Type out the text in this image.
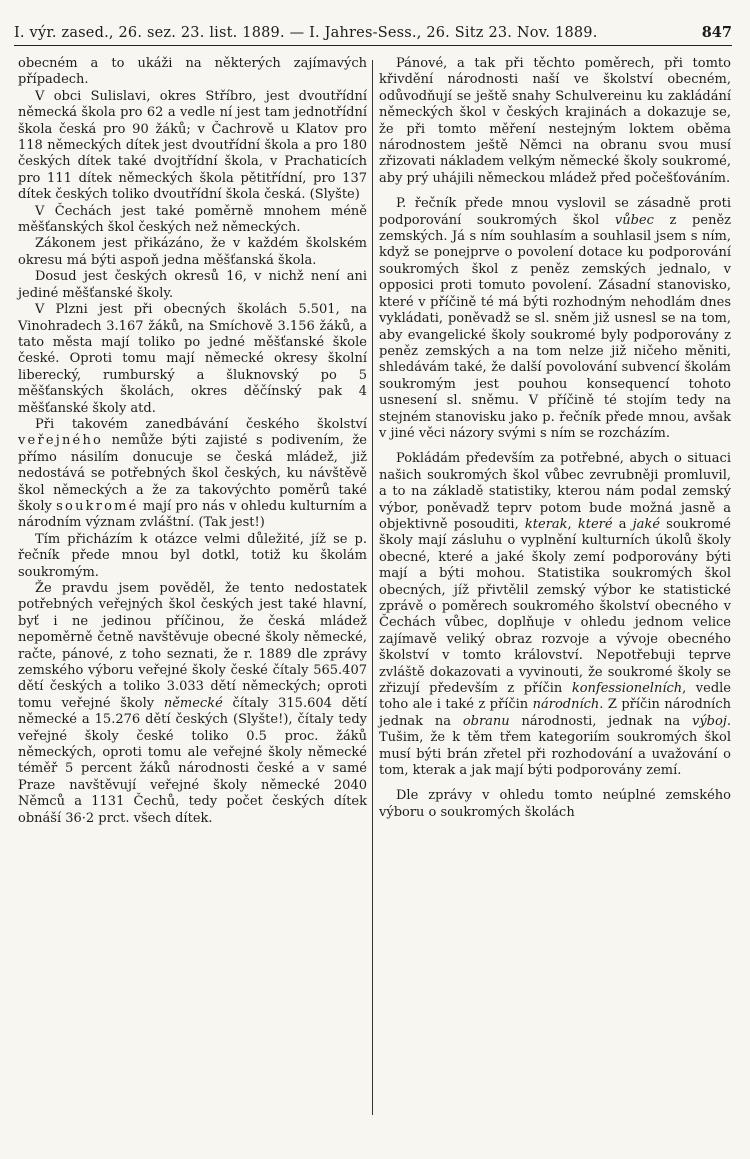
I. výr. zased., 26. sez. 23. list. 1889. — I. Jahres-Sess., 26. Sitz 23. Nov. 1889.	847

obecném a to ukáži na některých zajímavých případech.

V obci Sulislavi, okres Stříbro, jest dvoutřídní německá škola pro 62 a vedle ní jest tam jednotřídní škola česká pro 90 žáků; v Čachrově u Klatov pro 118 německých dítek jest dvoutřídní škola a pro 180 českých dítek také dvojtřídní škola, v Prachaticích pro 111 dítek německých škola pětitřídní, pro 137 dítek českých toliko dvoutřídní škola česká. (Slyšte)

V Čechách jest také poměrně mnohem méně měšťanských škol českých než německých.

Zákonem jest přikázáno, že v každém školském okresu má býti aspoň jedna měšťanská škola.

Dosud jest českých okresů 16, v nichž není ani jediné měšťanské školy.

V Plzni jest při obecných školách 5.501, na Vinohradech 3.167 žáků, na Smíchově 3.156 žáků, a tato města mají toliko po jedné měšťanské škole české. Oproti tomu mají německé okresy školní liberecký, rumburský a šluknovský po 5 měšťanských školách, okres děčínský pak 4 měšťanské školy atd.

Při takovém zanedbávání českého školství veřejného nemůže býti zajisté s podivením, že přímo násilím donucuje se česká mládež, již nedostává se potřebných škol českých, ku návštěvě škol německých a že za takovýchto poměrů také školy soukromé mají pro nás v ohledu kulturním a národním význam zvláštní. (Tak jest!)

Tím přicházím k otázce velmi důležité, jíž se p. řečník přede mnou byl dotkl, totiž ku školám soukromým.

Že pravdu jsem pověděl, že tento nedostatek potřebných veřejných škol českých jest také hlavní, byť i ne jedinou příčinou, že česká mládež nepoměrně četně navštěvuje obecné školy německé, račte, pánové, z toho seznati, že r. 1889 dle zprávy zemského výboru veřejné školy české čítaly 565.407 dětí českých a toliko 3.033 dětí německých; oproti tomu veřejné školy německé čítaly 315.604 dětí německé a 15.276 dětí českých (Slyšte!), čítaly tedy veřejné školy české toliko 0.5 proc. žáků německých, oproti tomu ale veřejné školy německé téměř 5 percent žáků národnosti české a v samé Praze navštěvují veřejné školy německé 2040 Němců a 1131 Čechů, tedy počet českých dítek obnáší 36·2 prct. všech dítek.

Pánové, a tak při těchto poměrech, při tomto křivdění národnosti naší ve školství obecném, odůvodňují se ještě snahy Schulvereinu ku zakládání německých škol v českých krajinách a dokazuje se, že při tomto měření nestejným loktem oběma národnostem ještě Němci na obranu svou musí zřizovati nákladem velkým německé školy soukromé, aby prý uhájili německou mládež před počešťováním.

P. řečník přede mnou vyslovil se zásadně proti podporování soukromých škol vůbec z peněz zemských. Já s ním souhlasím a souhlasil jsem s ním, když se ponejprve o povolení dotace ku podporování soukromých škol z peněz zemských jednalo, v opposici proti tomuto povolení. Zásadní stanovisko, které v příčině té má býti rozhodným nehodlám dnes vykládati, poněvadž se sl. sněm již usnesl se na tom, aby evangelické školy soukromé byly podporovány z peněz zemských a na tom nelze již ničeho měniti, shledávám také, že další povolování subvencí školám soukromým jest pouhou konsequencí tohoto usnesení sl. sněmu. V příčině té stojím tedy na stejném stanovisku jako p. řečník přede mnou, avšak v jiné věci názory svými s ním se rozcházím.

Pokládám především za potřebné, abych o situaci našich soukromých škol vůbec zevrubněji promluvil, a to na základě statistiky, kterou nám podal zemský výbor, poněvadž teprv potom bude možná jasně a objektivně posouditi, kterak, které a jaké soukromé školy mají zásluhu o vyplnění kulturních úkolů školy obecné, které a jaké školy zemí podporovány býti mají a býti mohou. Statistika soukromých škol obecných, jíž přivtělil zemský výbor ke statistické zprávě o poměrech soukromého školství obecného v Čechách vůbec, doplňuje v ohledu jednom velice zajímavě veliký obraz rozvoje a vývoje obecného školství v tomto království. Nepotřebuji teprve zvláště dokazovati a vyvinouti, že soukromé školy se zřizují především z příčin konfessionelních, vedle toho ale i také z příčin národních. Z příčin národních jednak na obranu národnosti, jednak na výboj. Tušim, že k těm třem kategoriím soukromých škol musí býti brán zřetel při rozhodování a uvažování o tom, kterak a jak mají býti podporovány zemí.

Dle zprávy v ohledu tomto neúplné zemského výboru o soukromých školách
